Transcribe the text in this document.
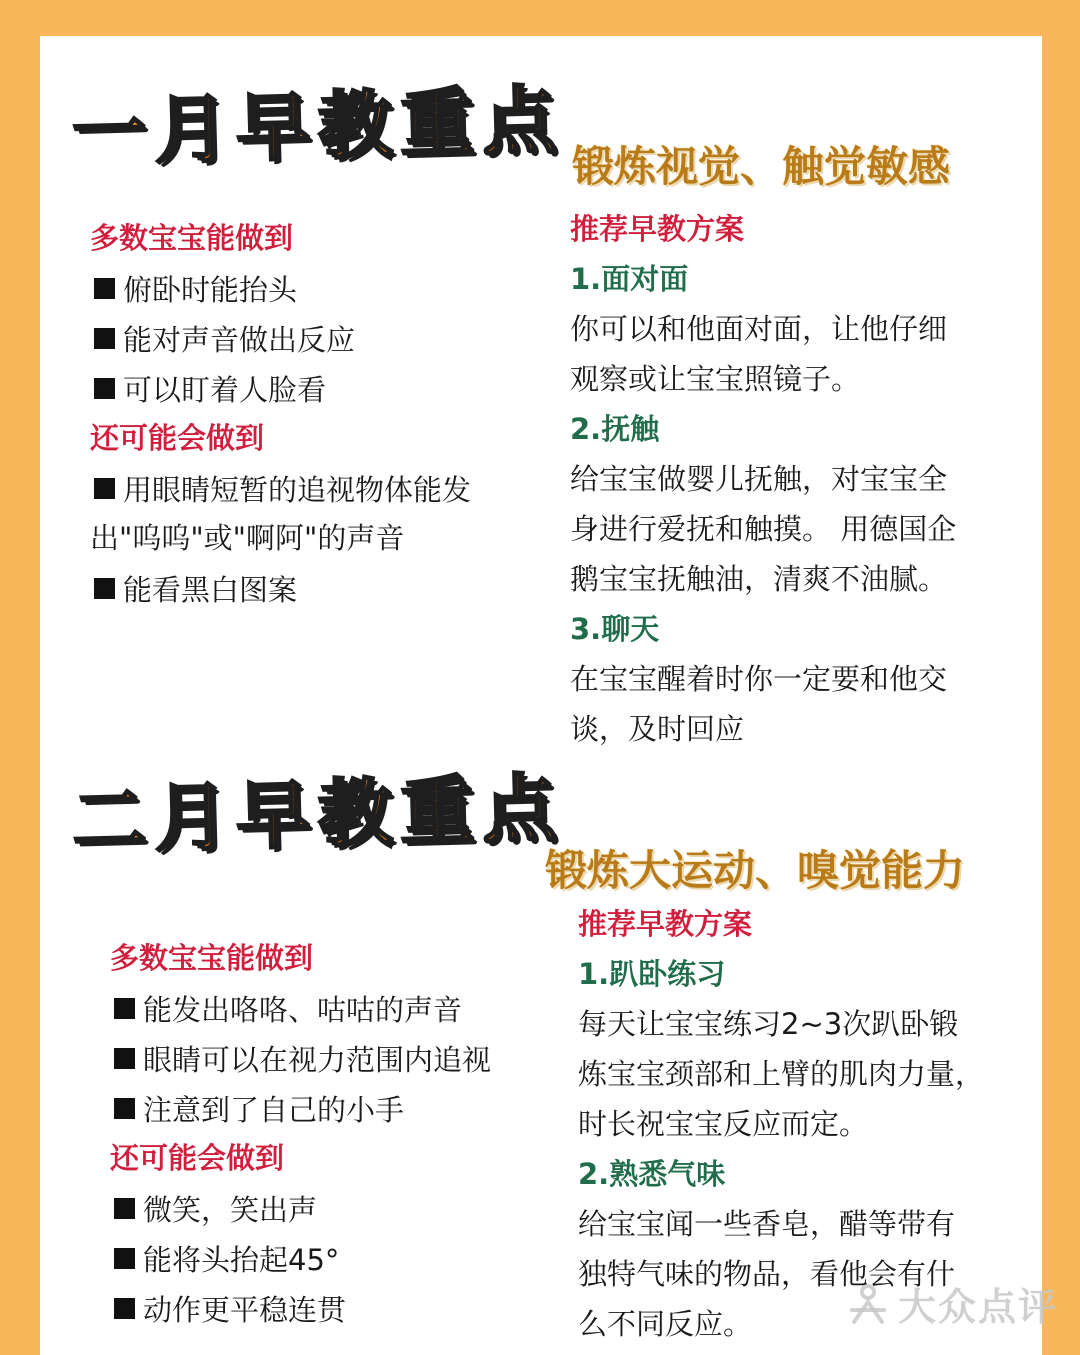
一月早教重点 锻炼视觉、触觉敏感
多数宝宝能做到
俯卧时能抬头
能对声音做出反应
可以盯着人脸看
还可能会做到
用眼睛短暂的追视物体能发
出"呜呜"或"啊阿"的声音
能看黑白图案
推荐早教方案
1.面对面
你可以和他面对面，让他仔细
观察或让宝宝照镜子。
2.抚触
给宝宝做婴儿抚触，对宝宝全
身进行爱抚和触摸。 用德国企
鹅宝宝抚触油，清爽不油腻。
3.聊天
在宝宝醒着时你一定要和他交
谈，及时回应
二月早教重点
锻炼大运动、嗅觉能力
多数宝宝能做到
能发出咯咯、咕咕的声音
眼睛可以在视力范围内追视
注意到了自己的小手
还可能会做到
微笑，笑出声
能将头抬起45°
动作更平稳连贯
推荐早教方案
1.趴卧练习
每天让宝宝练习2~3次趴卧锻
炼宝宝颈部和上臂的肌肉力量，
时长祝宝宝反应而定。
2.熟悉气味
给宝宝闻一些香皂，醋等带有
独特气味的物品，看他会有什
么不同反应。	大众点评
